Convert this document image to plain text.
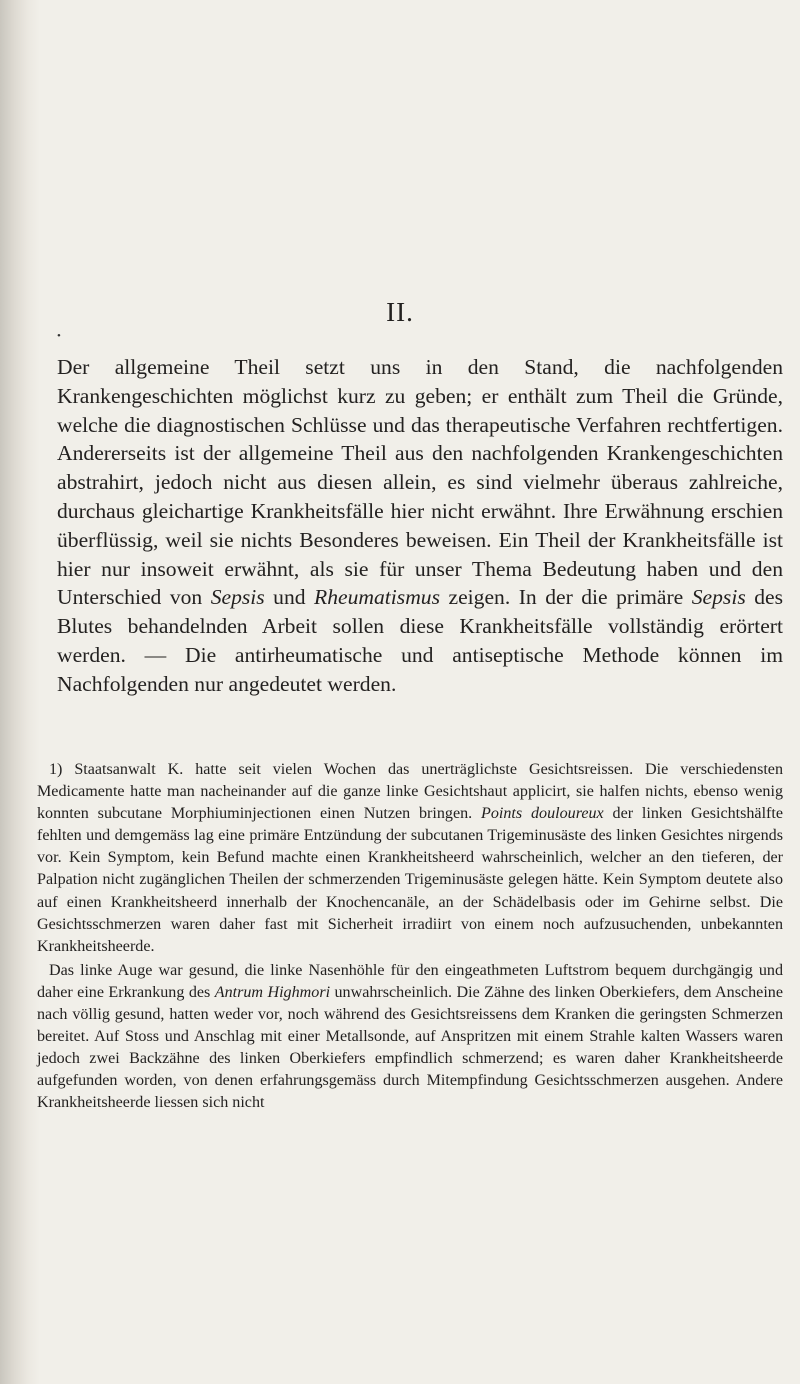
II.
•

Der allgemeine Theil setzt uns in den Stand, die nachfolgenden Krankengeschichten möglichst kurz zu geben; er enthält zum Theil die Gründe, welche die diagnostischen Schlüsse und das therapeutische Verfahren rechtfertigen. Andererseits ist der allgemeine Theil aus den nachfolgenden Krankengeschichten abstrahirt, jedoch nicht aus diesen allein, es sind vielmehr überaus zahlreiche, durchaus gleichartige Krankheitsfälle hier nicht erwähnt. Ihre Erwähnung erschien überflüssig, weil sie nichts Besonderes beweisen. Ein Theil der Krankheitsfälle ist hier nur insoweit erwähnt, als sie für unser Thema Bedeutung haben und den Unterschied von Sepsis und Rheumatismus zeigen. In der die primäre Sepsis des Blutes behandelnden Arbeit sollen diese Krankheitsfälle vollständig erörtert werden. — Die antirheumatische und antiseptische Methode können im Nachfolgenden nur angedeutet werden.

1) Staatsanwalt K. hatte seit vielen Wochen das unerträglichste Gesichtsreissen. Die verschiedensten Medicamente hatte man nacheinander auf die ganze linke Gesichtshaut applicirt, sie halfen nichts, ebenso wenig konnten subcutane Morphiuminjectionen einen Nutzen bringen. Points douloureux der linken Gesichtshälfte fehlten und demgemäss lag eine primäre Entzündung der subcutanen Trigeminusäste des linken Gesichtes nirgends vor. Kein Symptom, kein Befund machte einen Krankheitsheerd wahrscheinlich, welcher an den tieferen, der Palpation nicht zugänglichen Theilen der schmerzenden Trigeminusäste gelegen hätte. Kein Symptom deutete also auf einen Krankheitsheerd innerhalb der Knochencanäle, an der Schädelbasis oder im Gehirne selbst. Die Gesichtsschmerzen waren daher fast mit Sicherheit irradiirt von einem noch aufzusuchenden, unbekannten Krankheitsheerde.

Das linke Auge war gesund, die linke Nasenhöhle für den eingeathmeten Luftstrom bequem durchgängig und daher eine Erkrankung des Antrum Highmori unwahrscheinlich. Die Zähne des linken Oberkiefers, dem Anscheine nach völlig gesund, hatten weder vor, noch während des Gesichtsreissens dem Kranken die geringsten Schmerzen bereitet. Auf Stoss und Anschlag mit einer Metallsonde, auf Anspritzen mit einem Strahle kalten Wassers waren jedoch zwei Backzähne des linken Oberkiefers empfindlich schmerzend; es waren daher Krankheitsheerde aufgefunden worden, von denen erfahrungsgemäss durch Mitempfindung Gesichtsschmerzen ausgehen. Andere Krankheitsheerde liessen sich nicht
